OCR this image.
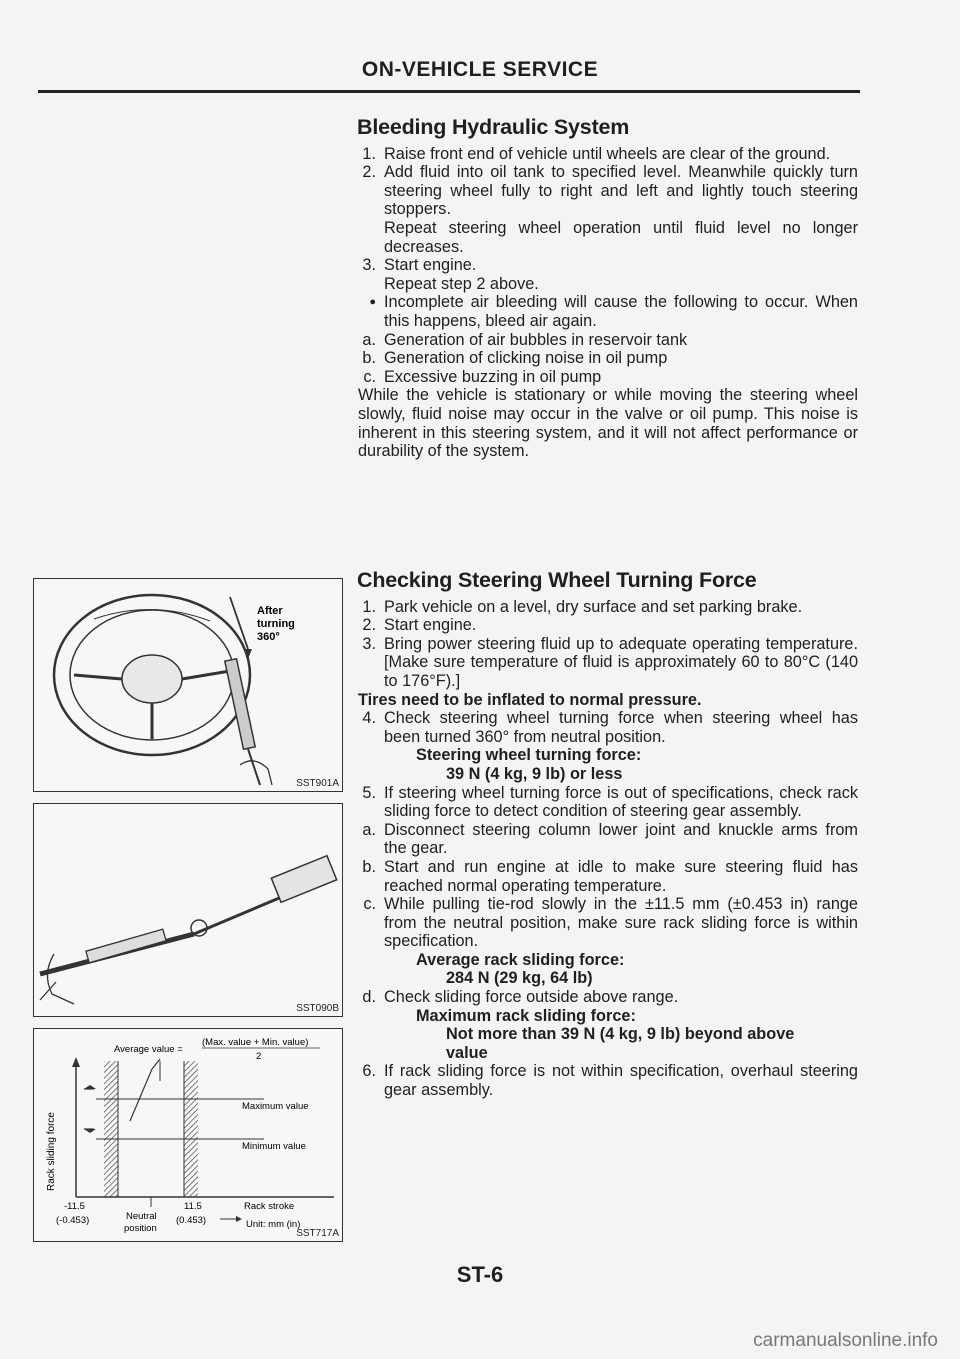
ON-VEHICLE SERVICE
Bleeding Hydraulic System
1. Raise front end of vehicle until wheels are clear of the ground.
2. Add fluid into oil tank to specified level. Meanwhile quickly turn steering wheel fully to right and left and lightly touch steering stoppers.
Repeat steering wheel operation until fluid level no longer decreases.
3. Start engine.
Repeat step 2 above.
● Incomplete air bleeding will cause the following to occur. When this happens, bleed air again.
a. Generation of air bubbles in reservoir tank
b. Generation of clicking noise in oil pump
c. Excessive buzzing in oil pump

While the vehicle is stationary or while moving the steering wheel slowly, fluid noise may occur in the valve or oil pump. This noise is inherent in this steering system, and it will not affect performance or durability of the system.

Checking Steering Wheel Turning Force
1. Park vehicle on a level, dry surface and set parking brake.
2. Start engine.
3. Bring power steering fluid up to adequate operating temperature. [Make sure temperature of fluid is approximately 60 to 80°C (140 to 176°F).]

Tires need to be inflated to normal pressure.

4. Check steering wheel turning force when steering wheel has been turned 360° from neutral position.
Steering wheel turning force:
39 N (4 kg, 9 lb) or less
5. If steering wheel turning force is out of specifications, check rack sliding force to detect condition of steering gear assembly.
a. Disconnect steering column lower joint and knuckle arms from the gear.
b. Start and run engine at idle to make sure steering fluid has reached normal operating temperature.
c. While pulling tie-rod slowly in the ±11.5 mm (±0.453 in) range from the neutral position, make sure rack sliding force is within specification.
Average rack sliding force:
284 N (29 kg, 64 lb)
d. Check sliding force outside above range.
Maximum rack sliding force:
Not more than 39 N (4 kg, 9 lb) beyond above value
6. If rack sliding force is not within specification, overhaul steering gear assembly.
After
turning
360°
SST901A
SST090B
Average value =
(Max. value + Min. value)
2
Rack sliding force
Maximum value
Minimum value
-11.5
(-0.453)	Neutral
position
11.5
(0.453)
Rack stroke
Unit: mm (in)
SST717A
ST-6
carmanualsonline.info
